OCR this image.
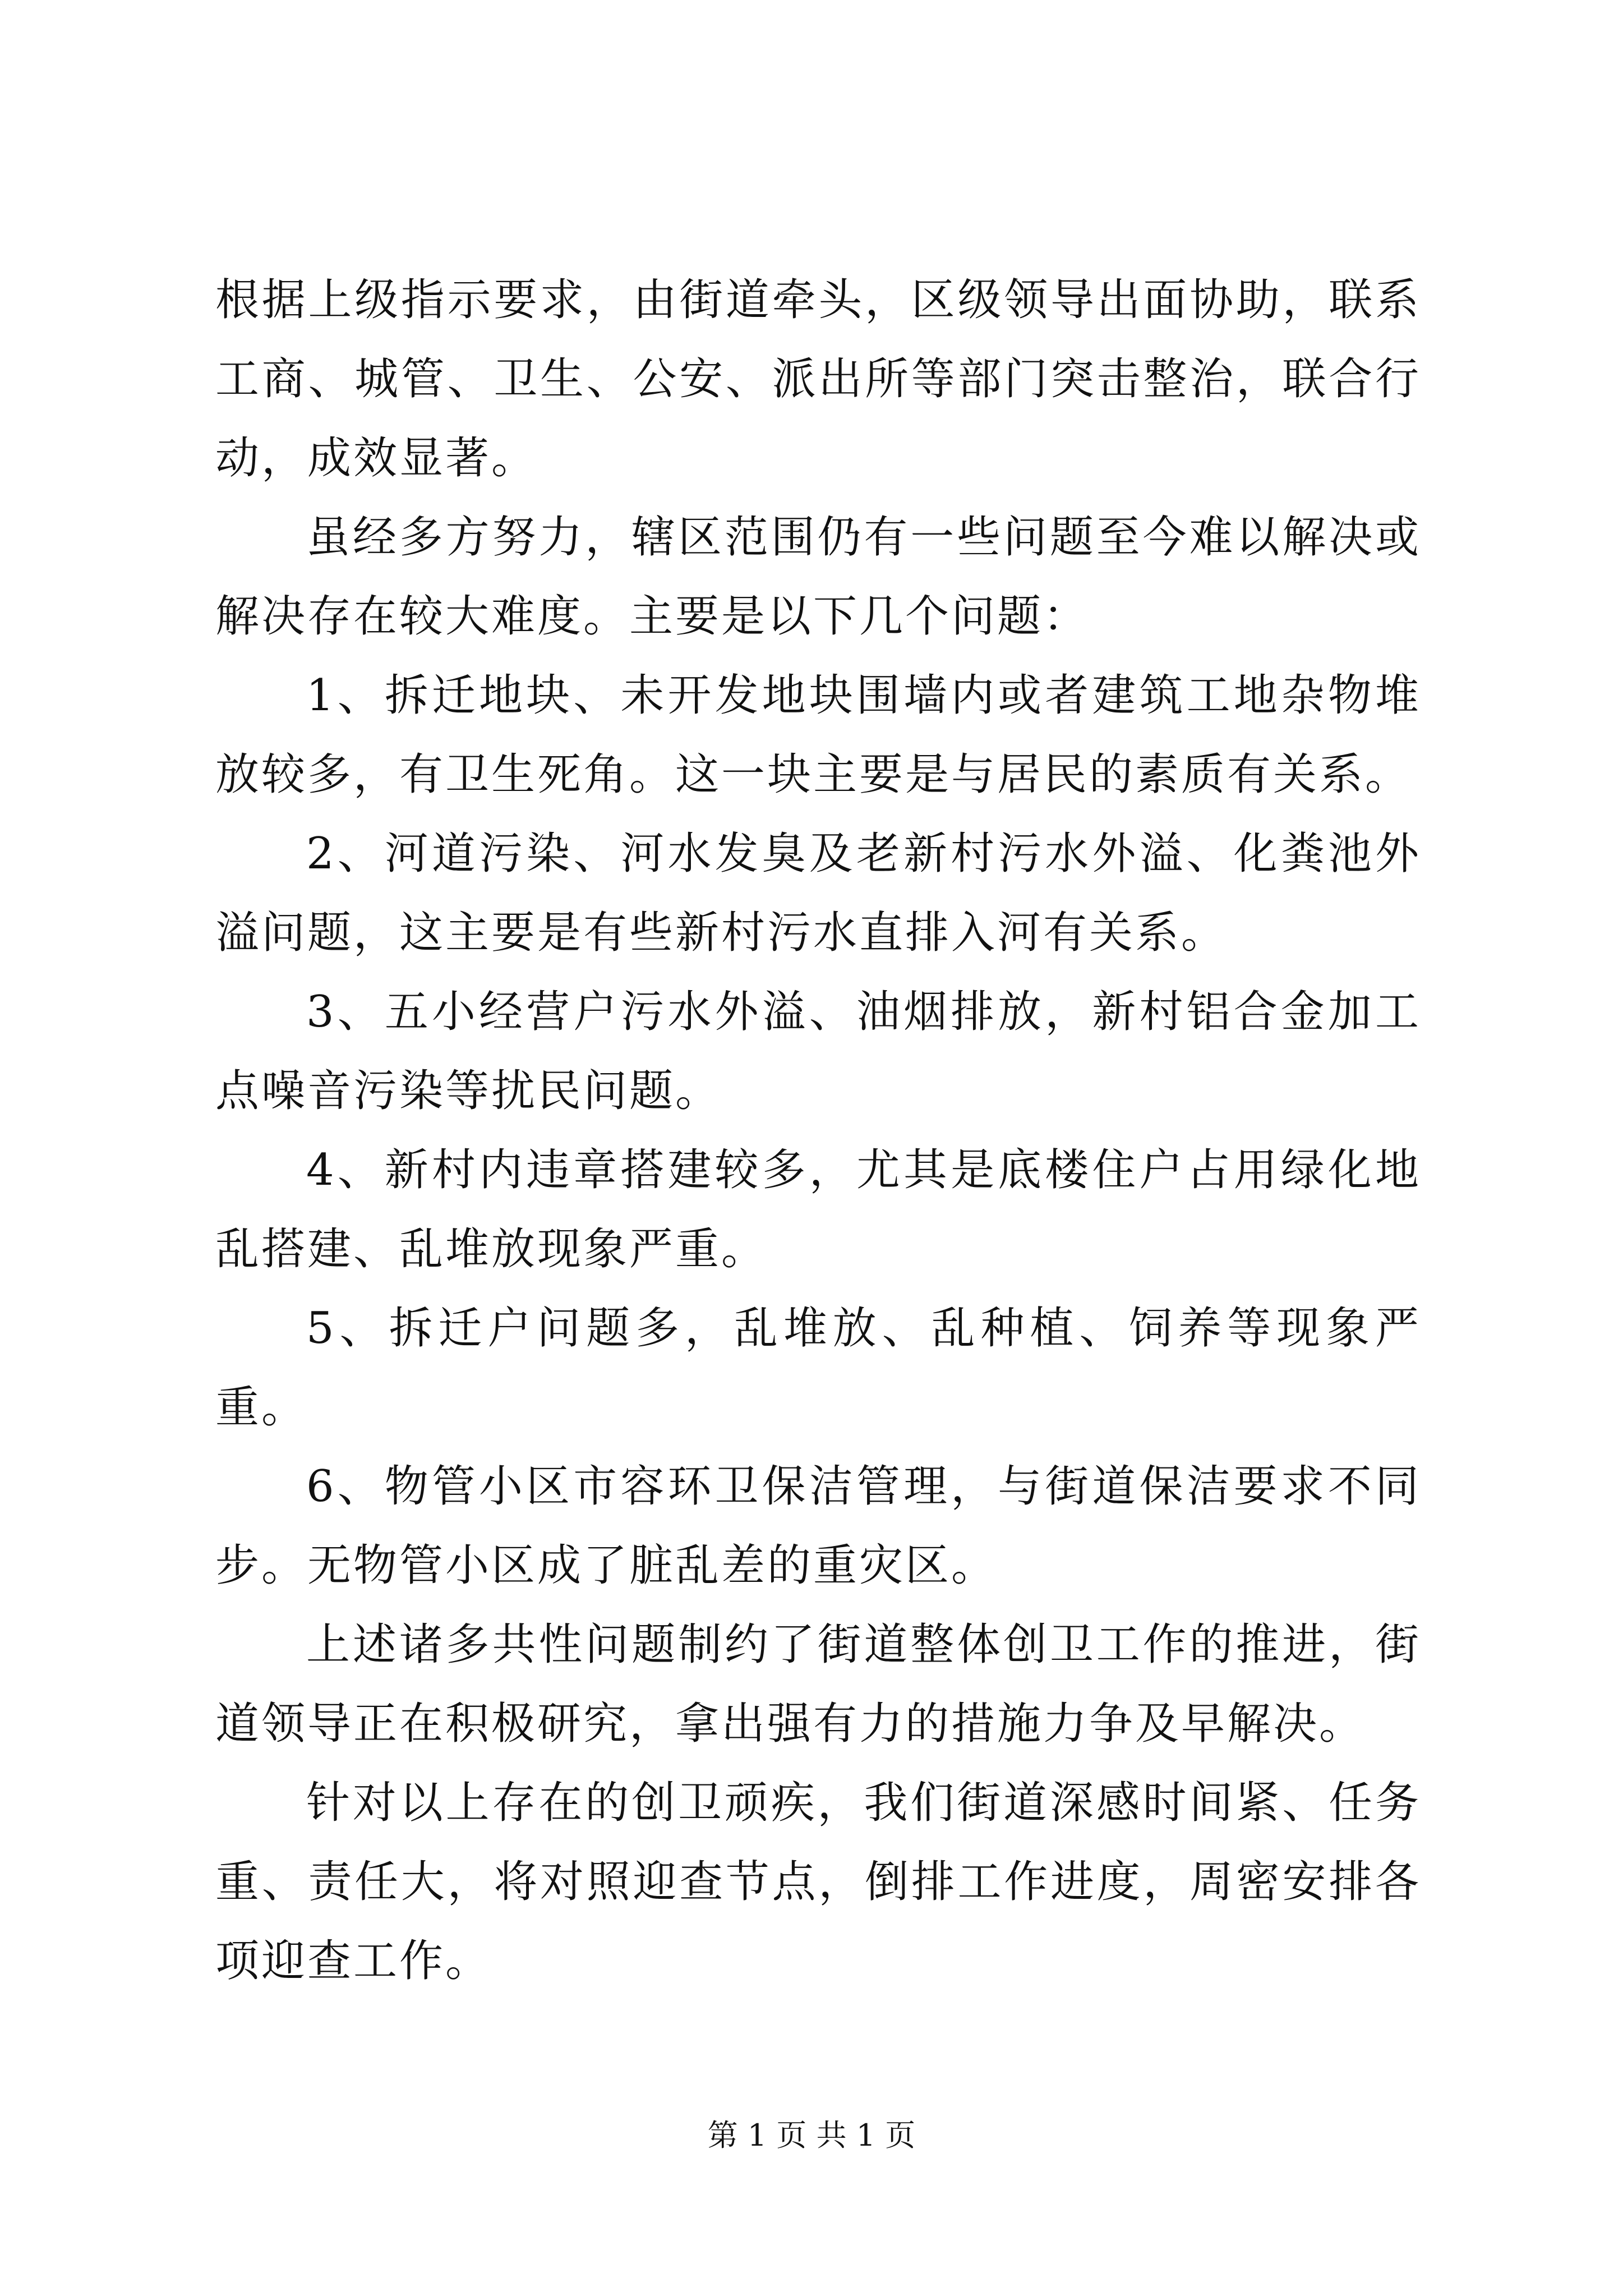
根据上级指示要求，由街道牵头，区级领导出面协助，联系工商、城管、卫生、公安、派出所等部门突击整治，联合行动，成效显著。

虽经多方努力，辖区范围仍有一些问题至今难以解决或解决存在较大难度。主要是以下几个问题：

1、拆迁地块、未开发地块围墙内或者建筑工地杂物堆放较多，有卫生死角。这一块主要是与居民的素质有关系。

2、河道污染、河水发臭及老新村污水外溢、化粪池外溢问题，这主要是有些新村污水直排入河有关系。

3、五小经营户污水外溢、油烟排放，新村铝合金加工点噪音污染等扰民问题。

4、新村内违章搭建较多，尤其是底楼住户占用绿化地乱搭建、乱堆放现象严重。

5、拆迁户问题多，乱堆放、乱种植、饲养等现象严重。

6、物管小区市容环卫保洁管理，与街道保洁要求不同步。无物管小区成了脏乱差的重灾区。

上述诸多共性问题制约了街道整体创卫工作的推进，街道领导正在积极研究，拿出强有力的措施力争及早解决。

针对以上存在的创卫顽疾，我们街道深感时间紧、任务重、责任大，将对照迎查节点，倒排工作进度，周密安排各项迎查工作。

第 1 页 共 1 页
